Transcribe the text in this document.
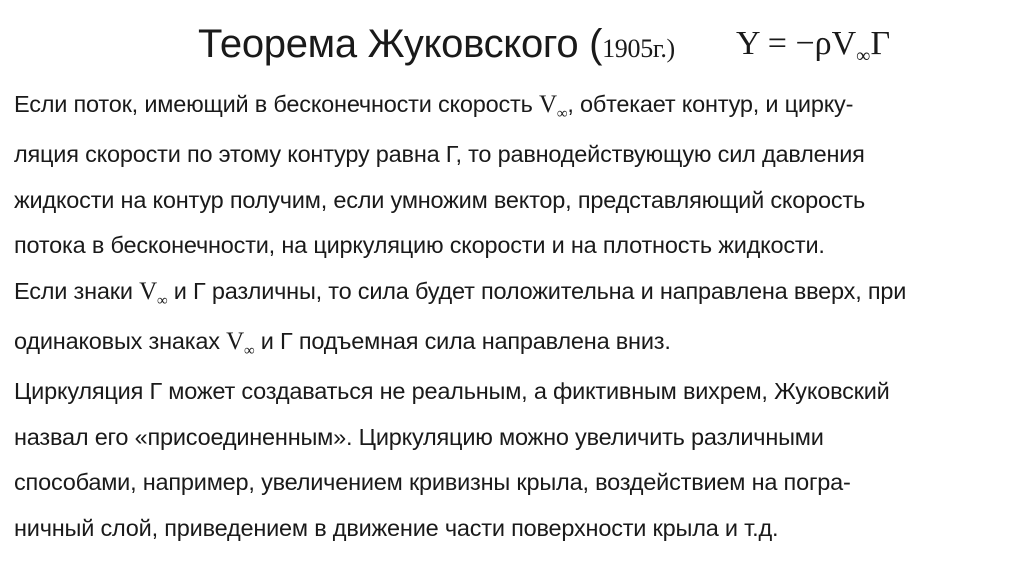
Теорема Жуковского (1905г.) $Y = -\rho V_\infty\Gamma$
Если поток, имеющий в бесконечности скорость $V_\infty$, обтекает контур, и цирку-
ляция скорости по этому контуру равна Г, то равнодействующую сил давления
жидкости на контур получим, если умножим вектор, представляющий скорость
потока в бесконечности, на циркуляцию скорости и на плотность жидкости.
Если знаки $V_\infty$ и Г различны, то сила будет положительна и направлена вверх, при
одинаковых знаках $V_\infty$ и Г подъемная сила направлена вниз.
Циркуляция Г может создаваться не реальным, а фиктивным вихрем, Жуковский
назвал его «присоединенным». Циркуляцию можно увеличить различными
способами, например, увеличением кривизны крыла, воздействием на погра-
ничный слой, приведением в движение части поверхности крыла и т.д.
